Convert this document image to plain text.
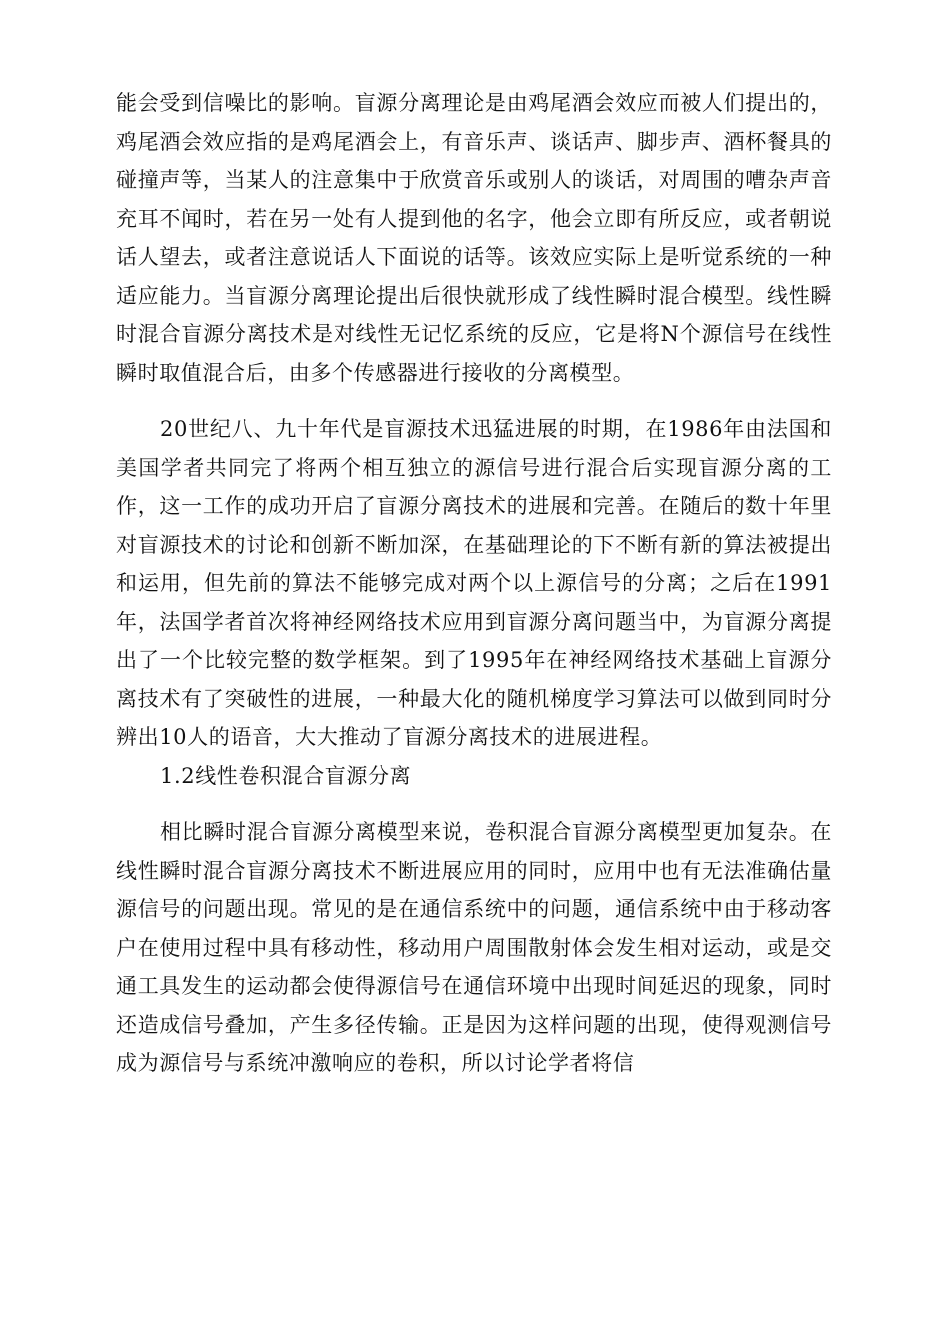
能会受到信噪比的影响。盲源分离理论是由鸡尾酒会效应而被人们提出的，鸡尾酒会效应指的是鸡尾酒会上，有音乐声、谈话声、脚步声、酒杯餐具的碰撞声等，当某人的注意集中于欣赏音乐或别人的谈话，对周围的嘈杂声音充耳不闻时，若在另一处有人提到他的名字，他会立即有所反应，或者朝说话人望去，或者注意说话人下面说的话等。该效应实际上是听觉系统的一种适应能力。当盲源分离理论提出后很快就形成了线性瞬时混合模型。线性瞬时混合盲源分离技术是对线性无记忆系统的反应，它是将N个源信号在线性瞬时取值混合后，由多个传感器进行接收的分离模型。

20世纪八、九十年代是盲源技术迅猛进展的时期，在1986年由法国和美国学者共同完了将两个相互独立的源信号进行混合后实现盲源分离的工作，这一工作的成功开启了盲源分离技术的进展和完善。在随后的数十年里对盲源技术的讨论和创新不断加深，在基础理论的下不断有新的算法被提出和运用，但先前的算法不能够完成对两个以上源信号的分离；之后在1991年，法国学者首次将神经网络技术应用到盲源分离问题当中，为盲源分离提出了一个比较完整的数学框架。到了1995年在神经网络技术基础上盲源分离技术有了突破性的进展，一种最大化的随机梯度学习算法可以做到同时分辨出10人的语音，大大推动了盲源分离技术的进展进程。

1.2线性卷积混合盲源分离

相比瞬时混合盲源分离模型来说，卷积混合盲源分离模型更加复杂。在线性瞬时混合盲源分离技术不断进展应用的同时，应用中也有无法准确估量源信号的问题出现。常见的是在通信系统中的问题，通信系统中由于移动客户在使用过程中具有移动性，移动用户周围散射体会发生相对运动，或是交通工具发生的运动都会使得源信号在通信环境中出现时间延迟的现象，同时还造成信号叠加，产生多径传输。正是因为这样问题的出现，使得观测信号成为源信号与系统冲激响应的卷积，所以讨论学者将信
